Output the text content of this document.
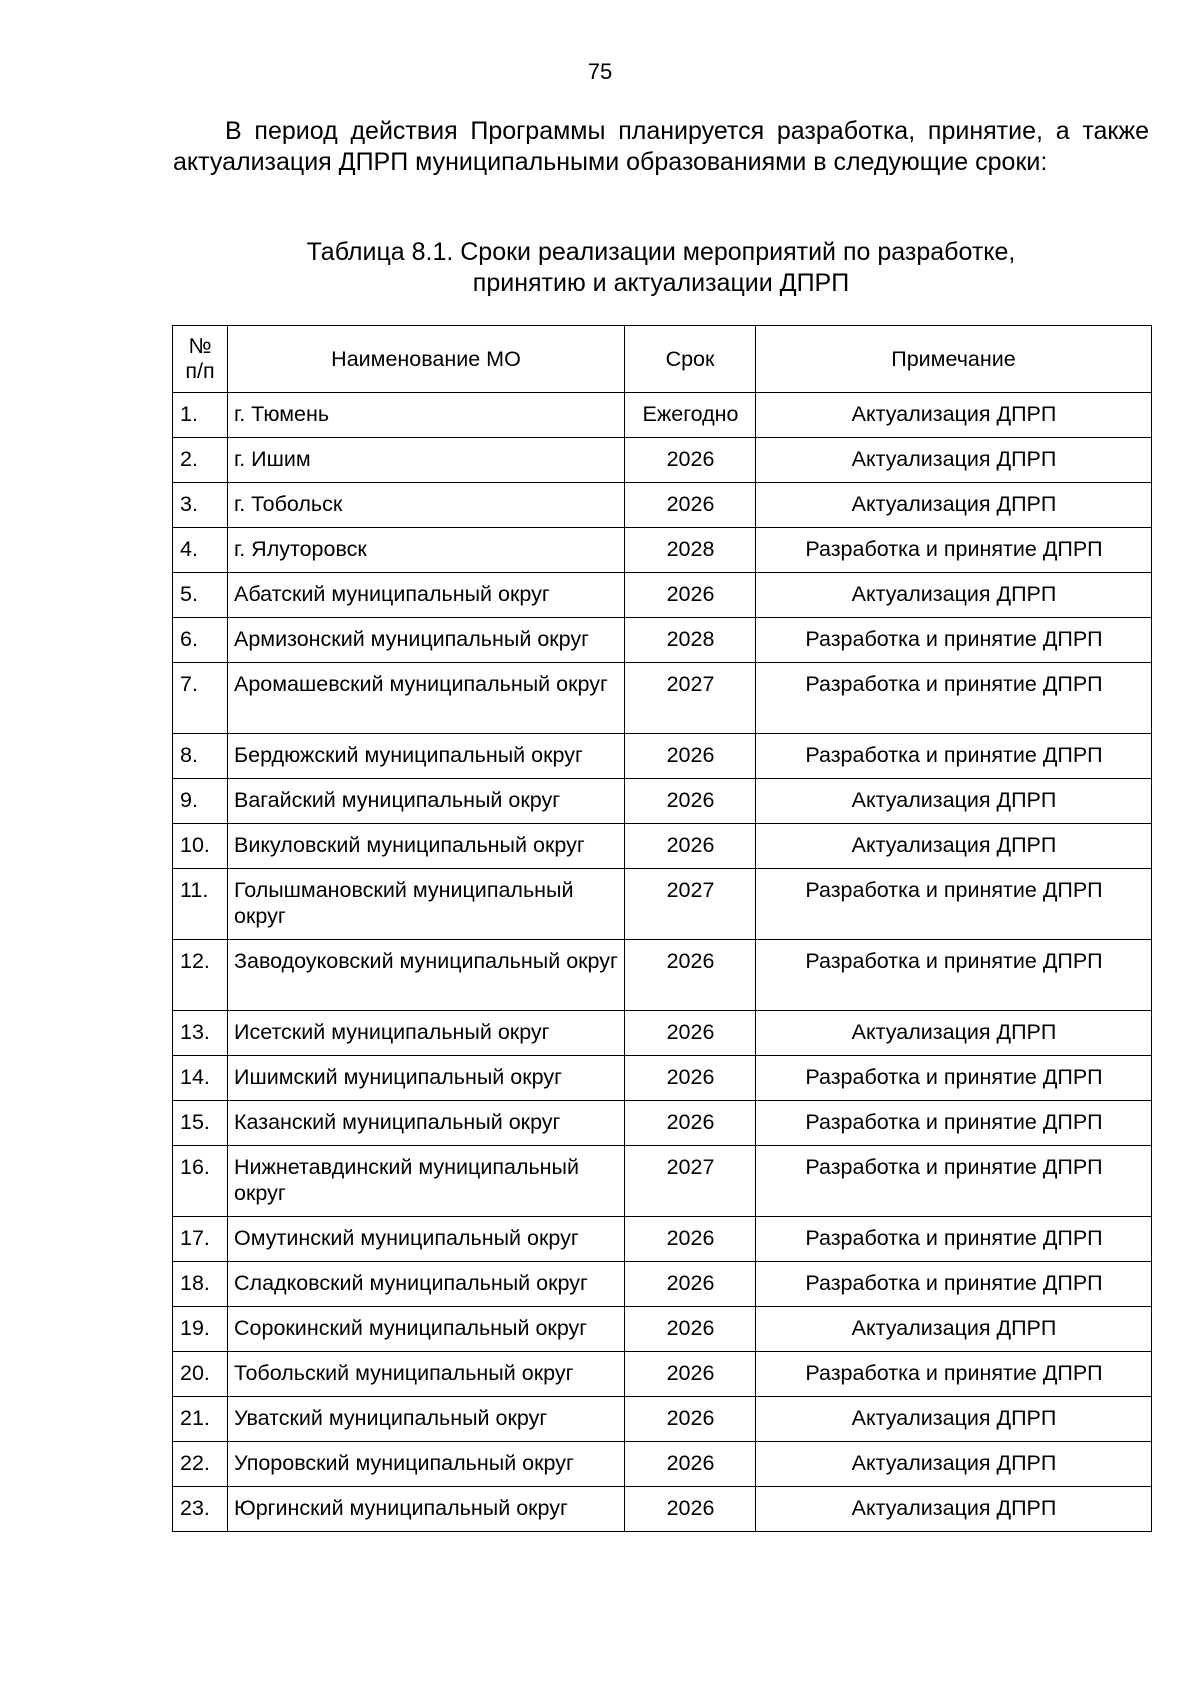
75

В период действия Программы планируется разработка, принятие, а также актуализация ДПРП муниципальными образованиями в следующие сроки:

Таблица 8.1. Сроки реализации мероприятий по разработке,
принятию и актуализации ДПРП
№
п/п	Наименование МО	Срок	Примечание
1.	г. Тюмень	Ежегодно	Актуализация ДПРП
2.	г. Ишим	2026	Актуализация ДПРП
3.	г. Тобольск	2026	Актуализация ДПРП
4.	г. Ялуторовск	2028	Разработка и принятие ДПРП
5.	Абатский муниципальный округ	2026	Актуализация ДПРП
6.	Армизонский муниципальный округ	2028	Разработка и принятие ДПРП
7.	Аромашевский муниципальный округ	2027	Разработка и принятие ДПРП
8.	Бердюжский муниципальный округ	2026	Разработка и принятие ДПРП
9.	Вагайский муниципальный округ	2026	Актуализация ДПРП
10.	Викуловский муниципальный округ	2026	Актуализация ДПРП
11.	Голышмановский муниципальный округ	2027	Разработка и принятие ДПРП
12.	Заводоуковский муниципальный округ	2026	Разработка и принятие ДПРП
13.	Исетский муниципальный округ	2026	Актуализация ДПРП
14.	Ишимский муниципальный округ	2026	Разработка и принятие ДПРП
15.	Казанский муниципальный округ	2026	Разработка и принятие ДПРП
16.	Нижнетавдинский муниципальный округ	2027	Разработка и принятие ДПРП
17.	Омутинский муниципальный округ	2026	Разработка и принятие ДПРП
18.	Сладковский муниципальный округ	2026	Разработка и принятие ДПРП
19.	Сорокинский муниципальный округ	2026	Актуализация ДПРП
20.	Тобольский муниципальный округ	2026	Разработка и принятие ДПРП
21.	Уватский муниципальный округ	2026	Актуализация ДПРП
22.	Упоровский муниципальный округ	2026	Актуализация ДПРП
23.	Юргинский муниципальный округ	2026	Актуализация ДПРП
